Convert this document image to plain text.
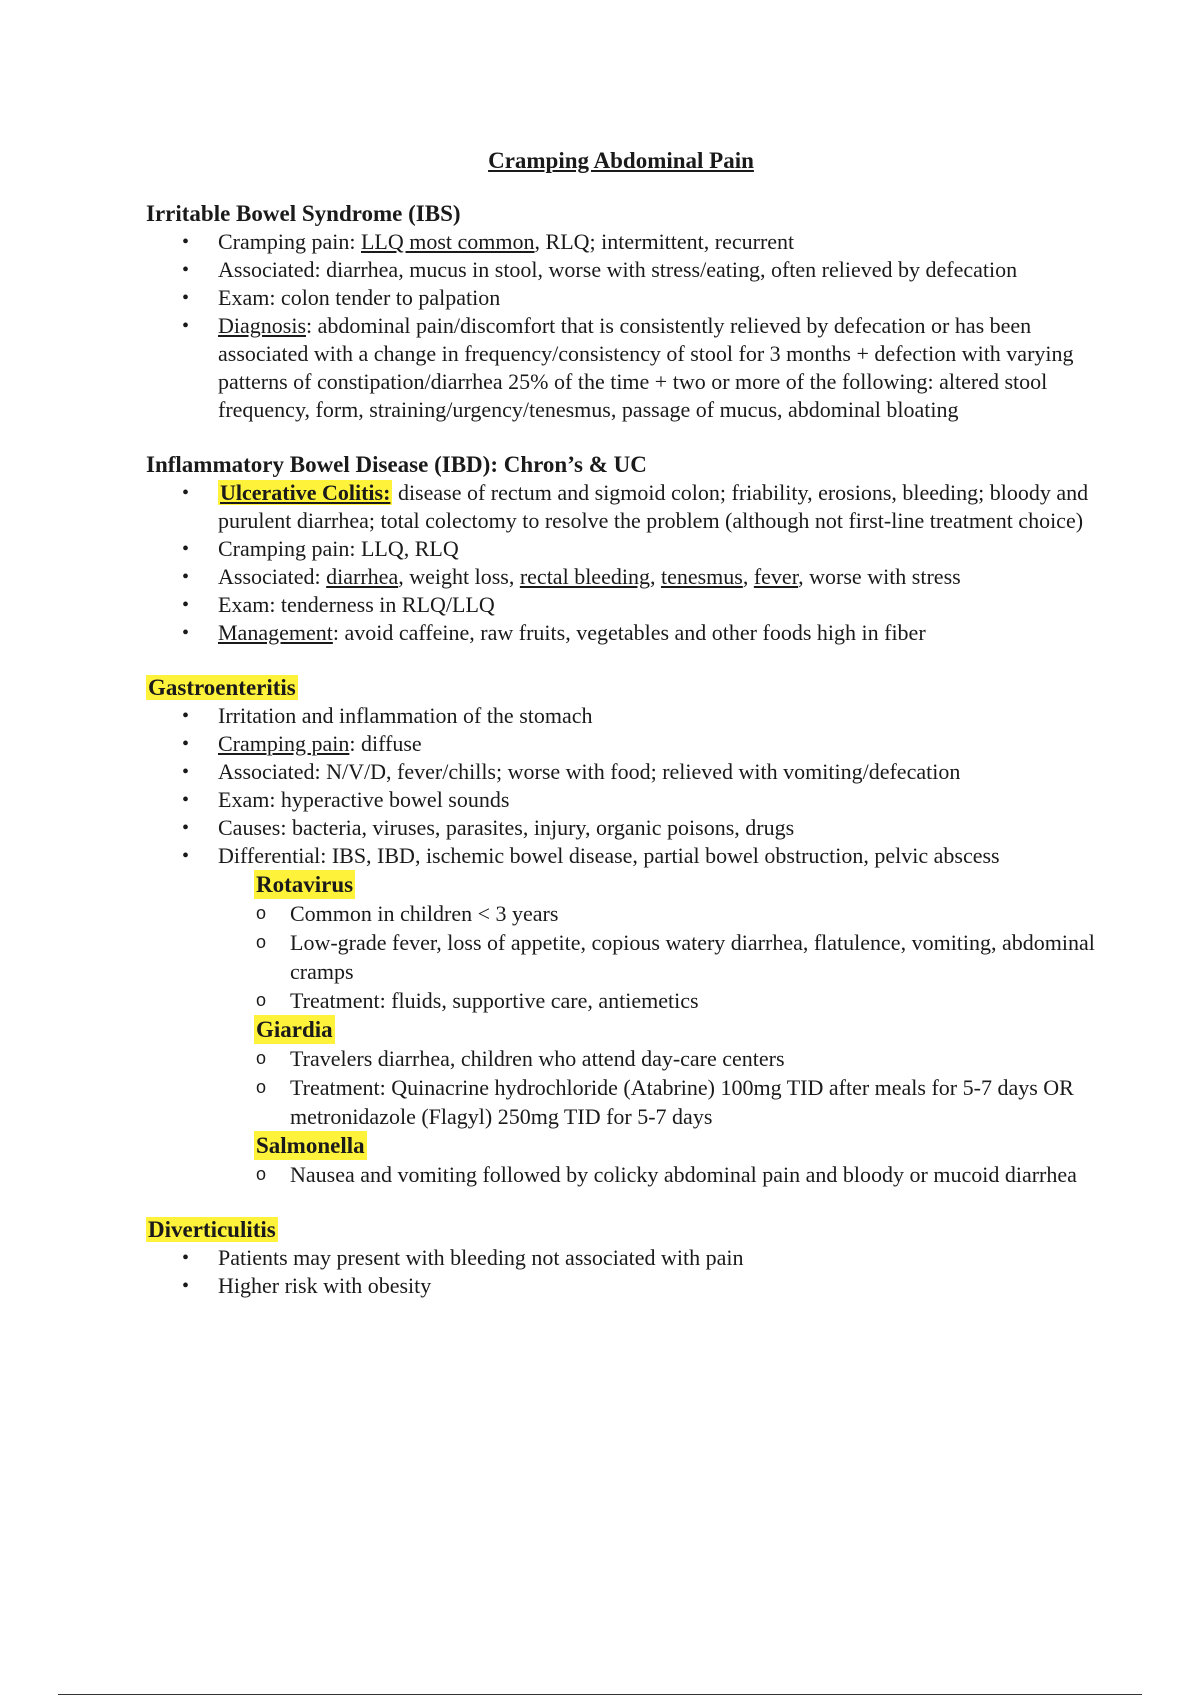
Cramping Abdominal Pain

Irritable Bowel Syndrome (IBS)

• Cramping pain: LLQ most common, RLQ; intermittent, recurrent
• Associated: diarrhea, mucus in stool, worse with stress/eating, often relieved by defecation
• Exam: colon tender to palpation
• Diagnosis: abdominal pain/discomfort that is consistently relieved by defecation or has been associated with a change in frequency/consistency of stool for 3 months + defection with varying patterns of constipation/diarrhea 25% of the time + two or more of the following: altered stool frequency, form, straining/urgency/tenesmus, passage of mucus, abdominal bloating

Inflammatory Bowel Disease (IBD): Chron’s & UC

• Ulcerative Colitis: disease of rectum and sigmoid colon; friability, erosions, bleeding; bloody and purulent diarrhea; total colectomy to resolve the problem (although not first-line treatment choice)
• Cramping pain: LLQ, RLQ
• Associated: diarrhea, weight loss, rectal bleeding, tenesmus, fever, worse with stress
• Exam: tenderness in RLQ/LLQ
• Management: avoid caffeine, raw fruits, vegetables and other foods high in fiber

Gastroenteritis

• Irritation and inflammation of the stomach
• Cramping pain: diffuse
• Associated: N/V/D, fever/chills; worse with food; relieved with vomiting/defecation
• Exam: hyperactive bowel sounds
• Causes: bacteria, viruses, parasites, injury, organic poisons, drugs
• Differential: IBS, IBD, ischemic bowel disease, partial bowel obstruction, pelvic abscess
Rotavirus
o Common in children < 3 years
o Low-grade fever, loss of appetite, copious watery diarrhea, flatulence, vomiting, abdominal cramps
o Treatment: fluids, supportive care, antiemetics
Giardia
o Travelers diarrhea, children who attend day-care centers
o Treatment: Quinacrine hydrochloride (Atabrine) 100mg TID after meals for 5-7 days OR metronidazole (Flagyl) 250mg TID for 5-7 days
Salmonella
o Nausea and vomiting followed by colicky abdominal pain and bloody or mucoid diarrhea

Diverticulitis

• Patients may present with bleeding not associated with pain
• Higher risk with obesity
